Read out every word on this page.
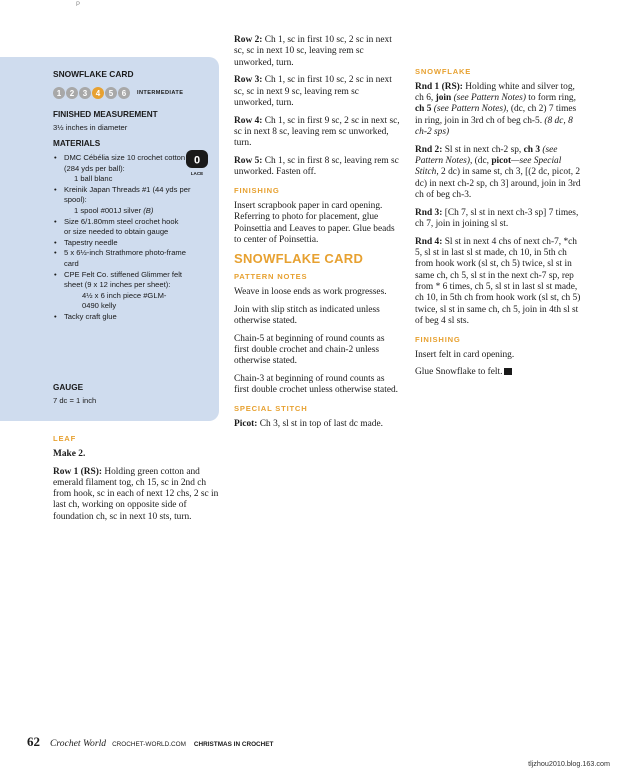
P
SNOWFLAKE CARD
1	2	3	4	5	6	INTERMEDIATE
FINISHED MEASUREMENT
3½ inches in diameter
MATERIALS
0
LACE
• DMC Cébélia size 10 crochet cotton (284 yds per ball):
1 ball blanc
• Kreinik Japan Threads #1 (44 yds per spool):
1 spool #001J silver (B)
• Size 6/1.80mm steel crochet hook or size needed to obtain gauge
• Tapestry needle
• 5 x 6½-inch Strathmore photo-frame card
• CPE Felt Co. stiffened Glimmer felt sheet (9 x 12 inches per sheet):
4½ x 6 inch piece #GLM-0490 kelly
• Tacky craft glue
GAUGE
7 dc = 1 inch
LEAF

Make 2.

Row 1 (RS): Holding green cotton and emerald filament tog, ch 15, sc in 2nd ch from hook, sc in each of next 12 chs, 2 sc in last ch, working on opposite side of foundation ch, sc in next 10 sts, turn.

Row 2: Ch 1, sc in first 10 sc, 2 sc in next sc, sc in next 10 sc, leaving rem sc unworked, turn.

Row 3: Ch 1, sc in first 10 sc, 2 sc in next sc, sc in next 9 sc, leaving rem sc unworked, turn.

Row 4: Ch 1, sc in first 9 sc, 2 sc in next sc, sc in next 8 sc, leaving rem sc unworked, turn.

Row 5: Ch 1, sc in first 8 sc, leaving rem sc unworked. Fasten off.

FINISHING

Insert scrapbook paper in card opening. Referring to photo for placement, glue Poinsettia and Leaves to paper. Glue beads to center of Poinsettia.

SNOWFLAKE CARD
PATTERN NOTES

Weave in loose ends as work progresses.

Join with slip stitch as indicated unless otherwise stated.

Chain-5 at beginning of round counts as first double crochet and chain-2 unless otherwise stated.

Chain-3 at beginning of round counts as first double crochet unless otherwise stated.

SPECIAL STITCH

Picot: Ch 3, sl st in top of last dc made.

SNOWFLAKE

Rnd 1 (RS): Holding white and silver tog, ch 6, join (see Pattern Notes) to form ring, ch 5 (see Pattern Notes), (dc, ch 2) 7 times in ring, join in 3rd ch of beg ch-5. (8 dc, 8 ch-2 sps)

Rnd 2: Sl st in next ch-2 sp, ch 3 (see Pattern Notes), (dc, picot—see Special Stitch, 2 dc) in same st, ch 3, [(2 dc, picot, 2 dc) in next ch-2 sp, ch 3] around, join in 3rd ch of beg ch-3.

Rnd 3: [Ch 7, sl st in next ch-3 sp] 7 times, ch 7, join in joining sl st.

Rnd 4: Sl st in next 4 chs of next ch-7, *ch 5, sl st in last sl st made, ch 10, in 5th ch from hook work (sl st, ch 5) twice, sl st in same ch, ch 5, sl st in the next ch-7 sp, rep from * 6 times, ch 5, sl st in last sl st made, ch 10, in 5th ch from hook work (sl st, ch 5) twice, sl st in same ch, ch 5, join in 4th sl st of beg 4 sl sts.

FINISHING

Insert felt in card opening.

Glue Snowflake to felt.

62 Crochet World CROCHET-WORLD.COM CHRISTMAS IN CROCHET
tljzhou2010.blog.163.com
